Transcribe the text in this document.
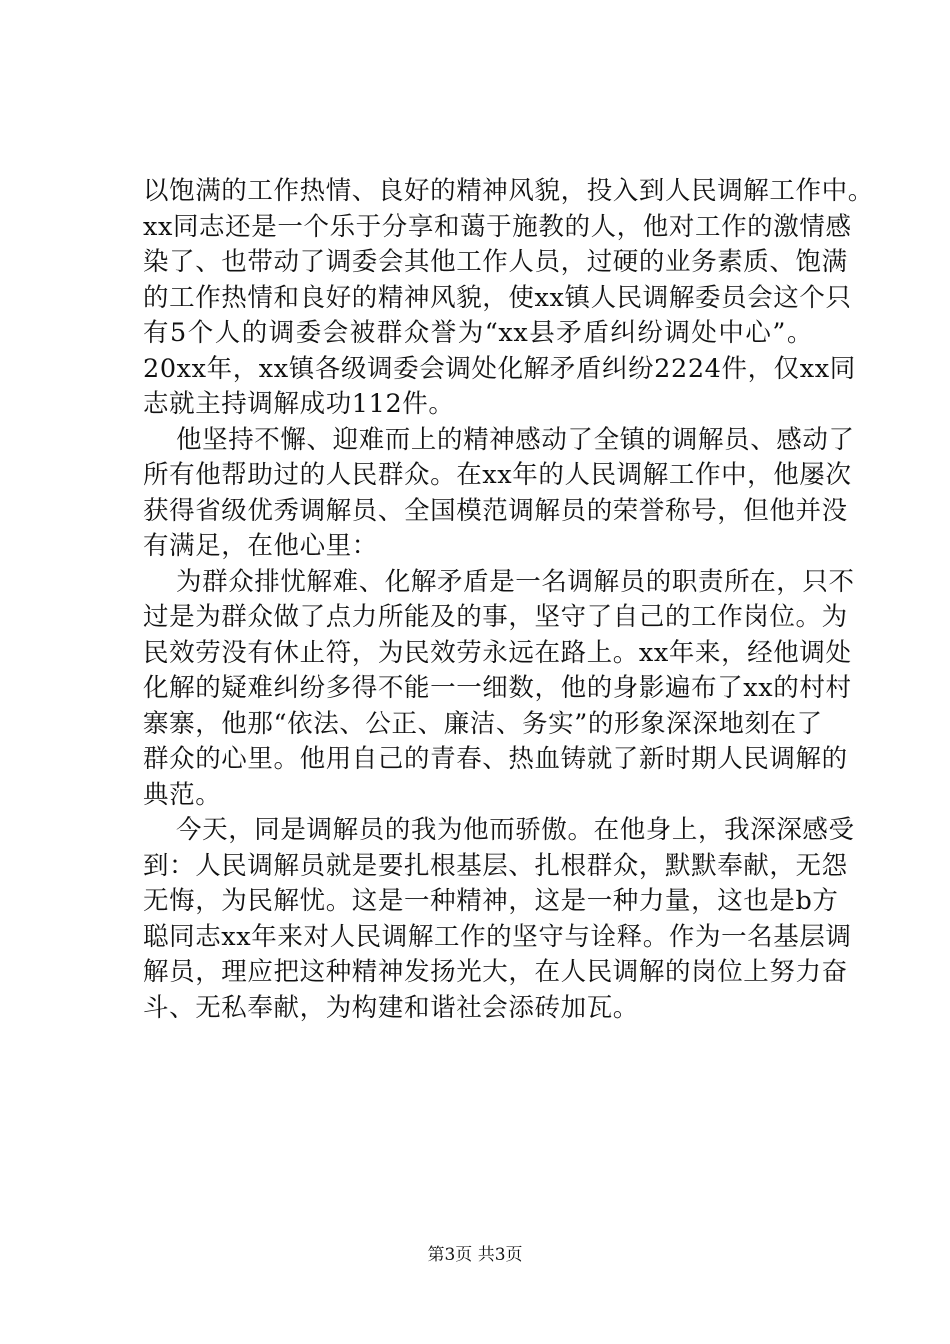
以饱满的工作热情、良好的精神风貌，投入到人民调解工作中。
xx同志还是一个乐于分享和蔼于施教的人，他对工作的激情感
染了、也带动了调委会其他工作人员，过硬的业务素质、饱满
的工作热情和良好的精神风貌，使xx镇人民调解委员会这个只
有5个人的调委会被群众誉为“xx县矛盾纠纷调处中心”。
20xx年，xx镇各级调委会调处化解矛盾纠纷2224件，仅xx同
志就主持调解成功112件。
他坚持不懈、迎难而上的精神感动了全镇的调解员、感动了
所有他帮助过的人民群众。在xx年的人民调解工作中，他屡次
获得省级优秀调解员、全国模范调解员的荣誉称号，但他并没
有满足，在他心里：
为群众排忧解难、化解矛盾是一名调解员的职责所在，只不
过是为群众做了点力所能及的事，坚守了自己的工作岗位。为
民效劳没有休止符，为民效劳永远在路上。xx年来，经他调处
化解的疑难纠纷多得不能一一细数，他的身影遍布了xx的村村
寨寨，他那“依法、公正、廉洁、务实”的形象深深地刻在了
群众的心里。他用自己的青春、热血铸就了新时期人民调解的
典范。
今天，同是调解员的我为他而骄傲。在他身上，我深深感受
到：人民调解员就是要扎根基层、扎根群众，默默奉献，无怨
无悔，为民解忧。这是一种精神，这是一种力量，这也是b方
聪同志xx年来对人民调解工作的坚守与诠释。作为一名基层调
解员，理应把这种精神发扬光大，在人民调解的岗位上努力奋
斗、无私奉献，为构建和谐社会添砖加瓦。
第3页 共3页
